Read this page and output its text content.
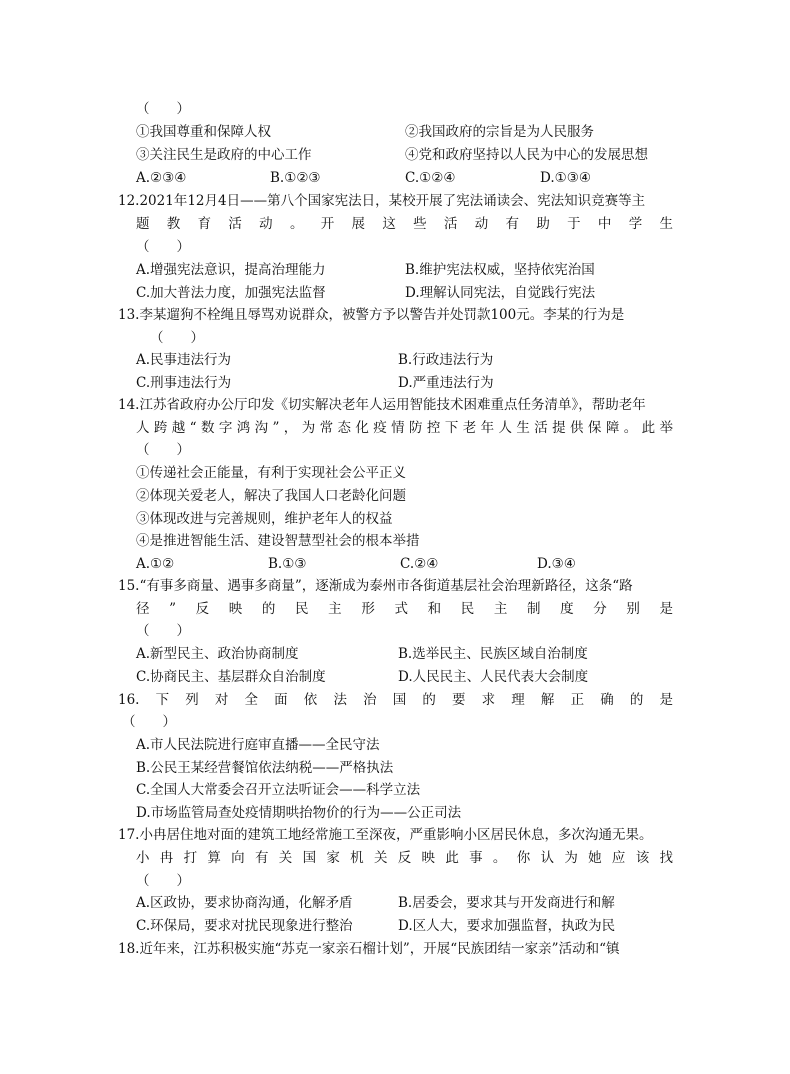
（　　）
①我国尊重和保障人权	②我国政府的宗旨是为人民服务
③关注民生是政府的中心工作	④党和政府坚持以人民为中心的发展思想
A.②③④	B.①②③	C.①②④	D.①③④
12.2021年12月4日——第八个国家宪法日，某校开展了宪法诵读会、宪法知识竞赛等主
题教育活动。开展这些活动有助于中学生
（　　）
A.增强宪法意识，提高治理能力	B.维护宪法权威，坚持依宪治国
C.加大普法力度，加强宪法监督	D.理解认同宪法，自觉践行宪法
13.李某遛狗不栓绳且辱骂劝说群众，被警方予以警告并处罚款100元。李某的行为是
（　　）
A.民事违法行为	B.行政违法行为
C.刑事违法行为	D.严重违法行为
14.江苏省政府办公厅印发《切实解决老年人运用智能技术困难重点任务清单》，帮助老年
人跨越“数字鸿沟”，为常态化疫情防控下老年人生活提供保障。此举
（　　）
①传递社会正能量，有利于实现社会公平正义
②体现关爱老人，解决了我国人口老龄化问题
③体现改进与完善规则，维护老年人的权益
④是推进智能生活、建设智慧型社会的根本举措
A.①②	B.①③	C.②④	D.③④
15.“有事多商量、遇事多商量”，逐渐成为泰州市各街道基层社会治理新路径，这条“路
径”反映的民主形式和民主制度分别是
（　　）
A.新型民主、政治协商制度	B.选举民主、民族区域自治制度
C.协商民主、基层群众自治制度	D.人民民主、人民代表大会制度
16.下列对全面依法治国的要求理解正确的是
（　　）
A.市人民法院进行庭审直播——全民守法
B.公民王某经营餐馆依法纳税——严格执法
C.全国人大常委会召开立法听证会——科学立法
D.市场监管局查处疫情期哄抬物价的行为——公正司法
17.小冉居住地对面的建筑工地经常施工至深夜，严重影响小区居民休息，多次沟通无果。
小冉打算向有关国家机关反映此事。你认为她应该找
（　　）
A.区政协，要求协商沟通，化解矛盾	B.居委会，要求其与开发商进行和解
C.环保局，要求对扰民现象进行整治	D.区人大，要求加强监督，执政为民
18.近年来，江苏积极实施“苏克一家亲石榴计划”，开展“民族团结一家亲”活动和“镇
